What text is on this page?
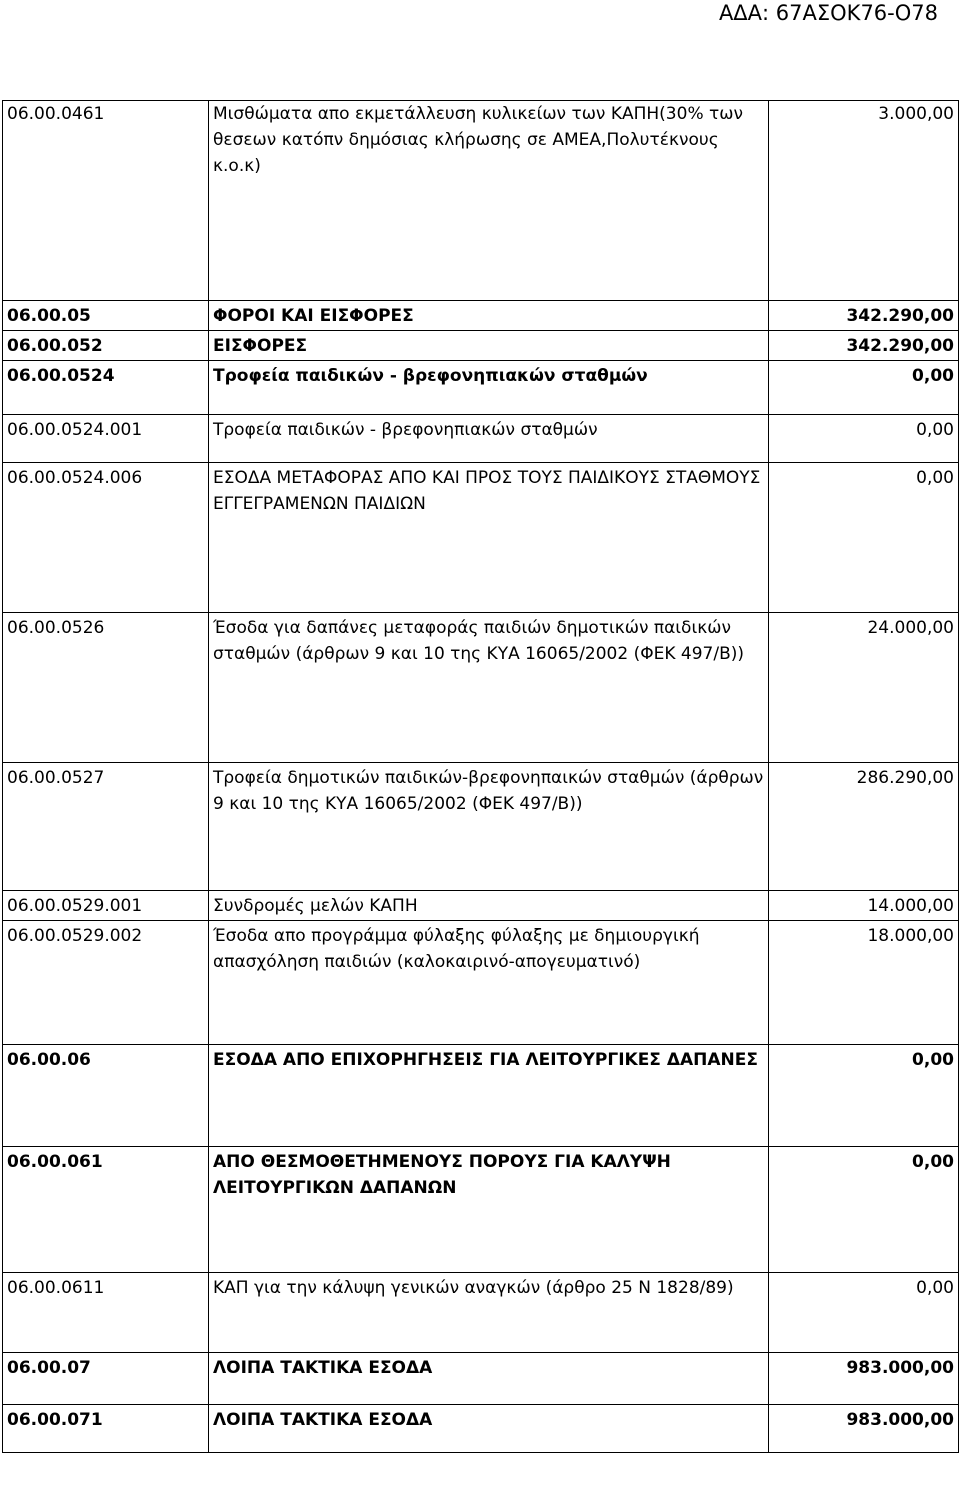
ΑΔΑ: 67ΑΣΟΚ76-Ο78
06.00.0461	Μισθώματα απο εκμετάλλευση κυλικείων των ΚΑΠΗ(30% των θεσεων κατόπν δημόσιας κλήρωσης σε ΑΜΕΑ,Πολυτέκνους κ.ο.κ)	3.000,00
06.00.05	ΦΟΡΟΙ ΚΑΙ ΕΙΣΦΟΡΕΣ	342.290,00
06.00.052	ΕΙΣΦΟΡΕΣ	342.290,00
06.00.0524	Τροφεία παιδικών - βρεφονηπιακών σταθμών	0,00
06.00.0524.001	Τροφεία παιδικών - βρεφονηπιακών σταθμών	0,00
06.00.0524.006	ΕΣΟΔΑ ΜΕΤΑΦΟΡΑΣ ΑΠΟ ΚΑΙ ΠΡΟΣ ΤΟΥΣ ΠΑΙΔΙΚΟΥΣ ΣΤΑΘΜΟΥΣ ΕΓΓΕΓΡΑΜΕΝΩΝ ΠΑΙΔΙΩΝ	0,00
06.00.0526	Έσοδα για δαπάνες μεταφοράς παιδιών δημοτικών παιδικών σταθμών (άρθρων 9 και 10 της ΚΥΑ 16065/2002 (ΦΕΚ 497/Β))	24.000,00
06.00.0527	Τροφεία δημοτικών παιδικών-βρεφονηπαικών σταθμών (άρθρων 9 και 10 της ΚΥΑ 16065/2002 (ΦΕΚ 497/Β))	286.290,00
06.00.0529.001	Συνδρομές μελών ΚΑΠΗ	14.000,00
06.00.0529.002	Έσοδα απο προγράμμα φύλαξης φύλαξης με δημιουργική απασχόληση παιδιών (καλοκαιρινό-απογευματινό)	18.000,00
06.00.06	ΕΣΟΔΑ ΑΠΟ ΕΠΙΧΟΡΗΓΗΣΕΙΣ ΓΙΑ ΛΕΙΤΟΥΡΓΙΚΕΣ ΔΑΠΑΝΕΣ	0,00
06.00.061	ΑΠΟ ΘΕΣΜΟΘΕΤΗΜΕΝΟΥΣ ΠΟΡΟΥΣ ΓΙΑ ΚΑΛΥΨΗ ΛΕΙΤΟΥΡΓΙΚΩΝ ΔΑΠΑΝΩΝ	0,00
06.00.0611	ΚΑΠ για την κάλυψη γενικών αναγκών (άρθρο 25 Ν 1828/89)	0,00
06.00.07	ΛΟΙΠΑ ΤΑΚΤΙΚΑ ΕΣΟΔΑ	983.000,00
06.00.071	ΛΟΙΠΑ ΤΑΚΤΙΚΑ ΕΣΟΔΑ	983.000,00
